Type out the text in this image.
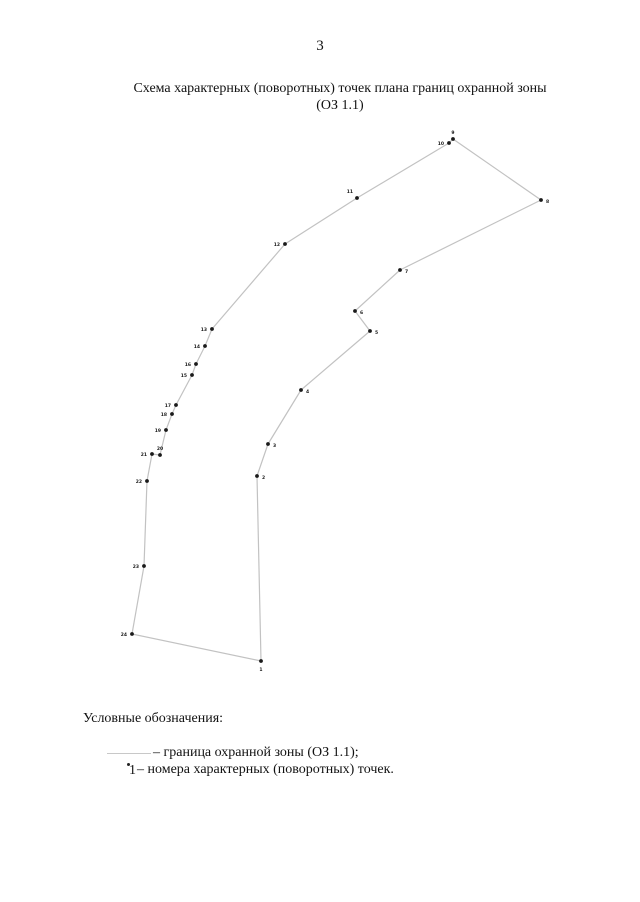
3
Схема характерных (поворотных) точек плана границ охранной зоны
(ОЗ 1.1)
1
2
3
4
5
6
7
8
9
10
11
12
13
14
16
15
17
18
19
20
21
22
23
24
Условные обозначения:
– граница охранной зоны (ОЗ 1.1);
1 – номера характерных (поворотных) точек.
